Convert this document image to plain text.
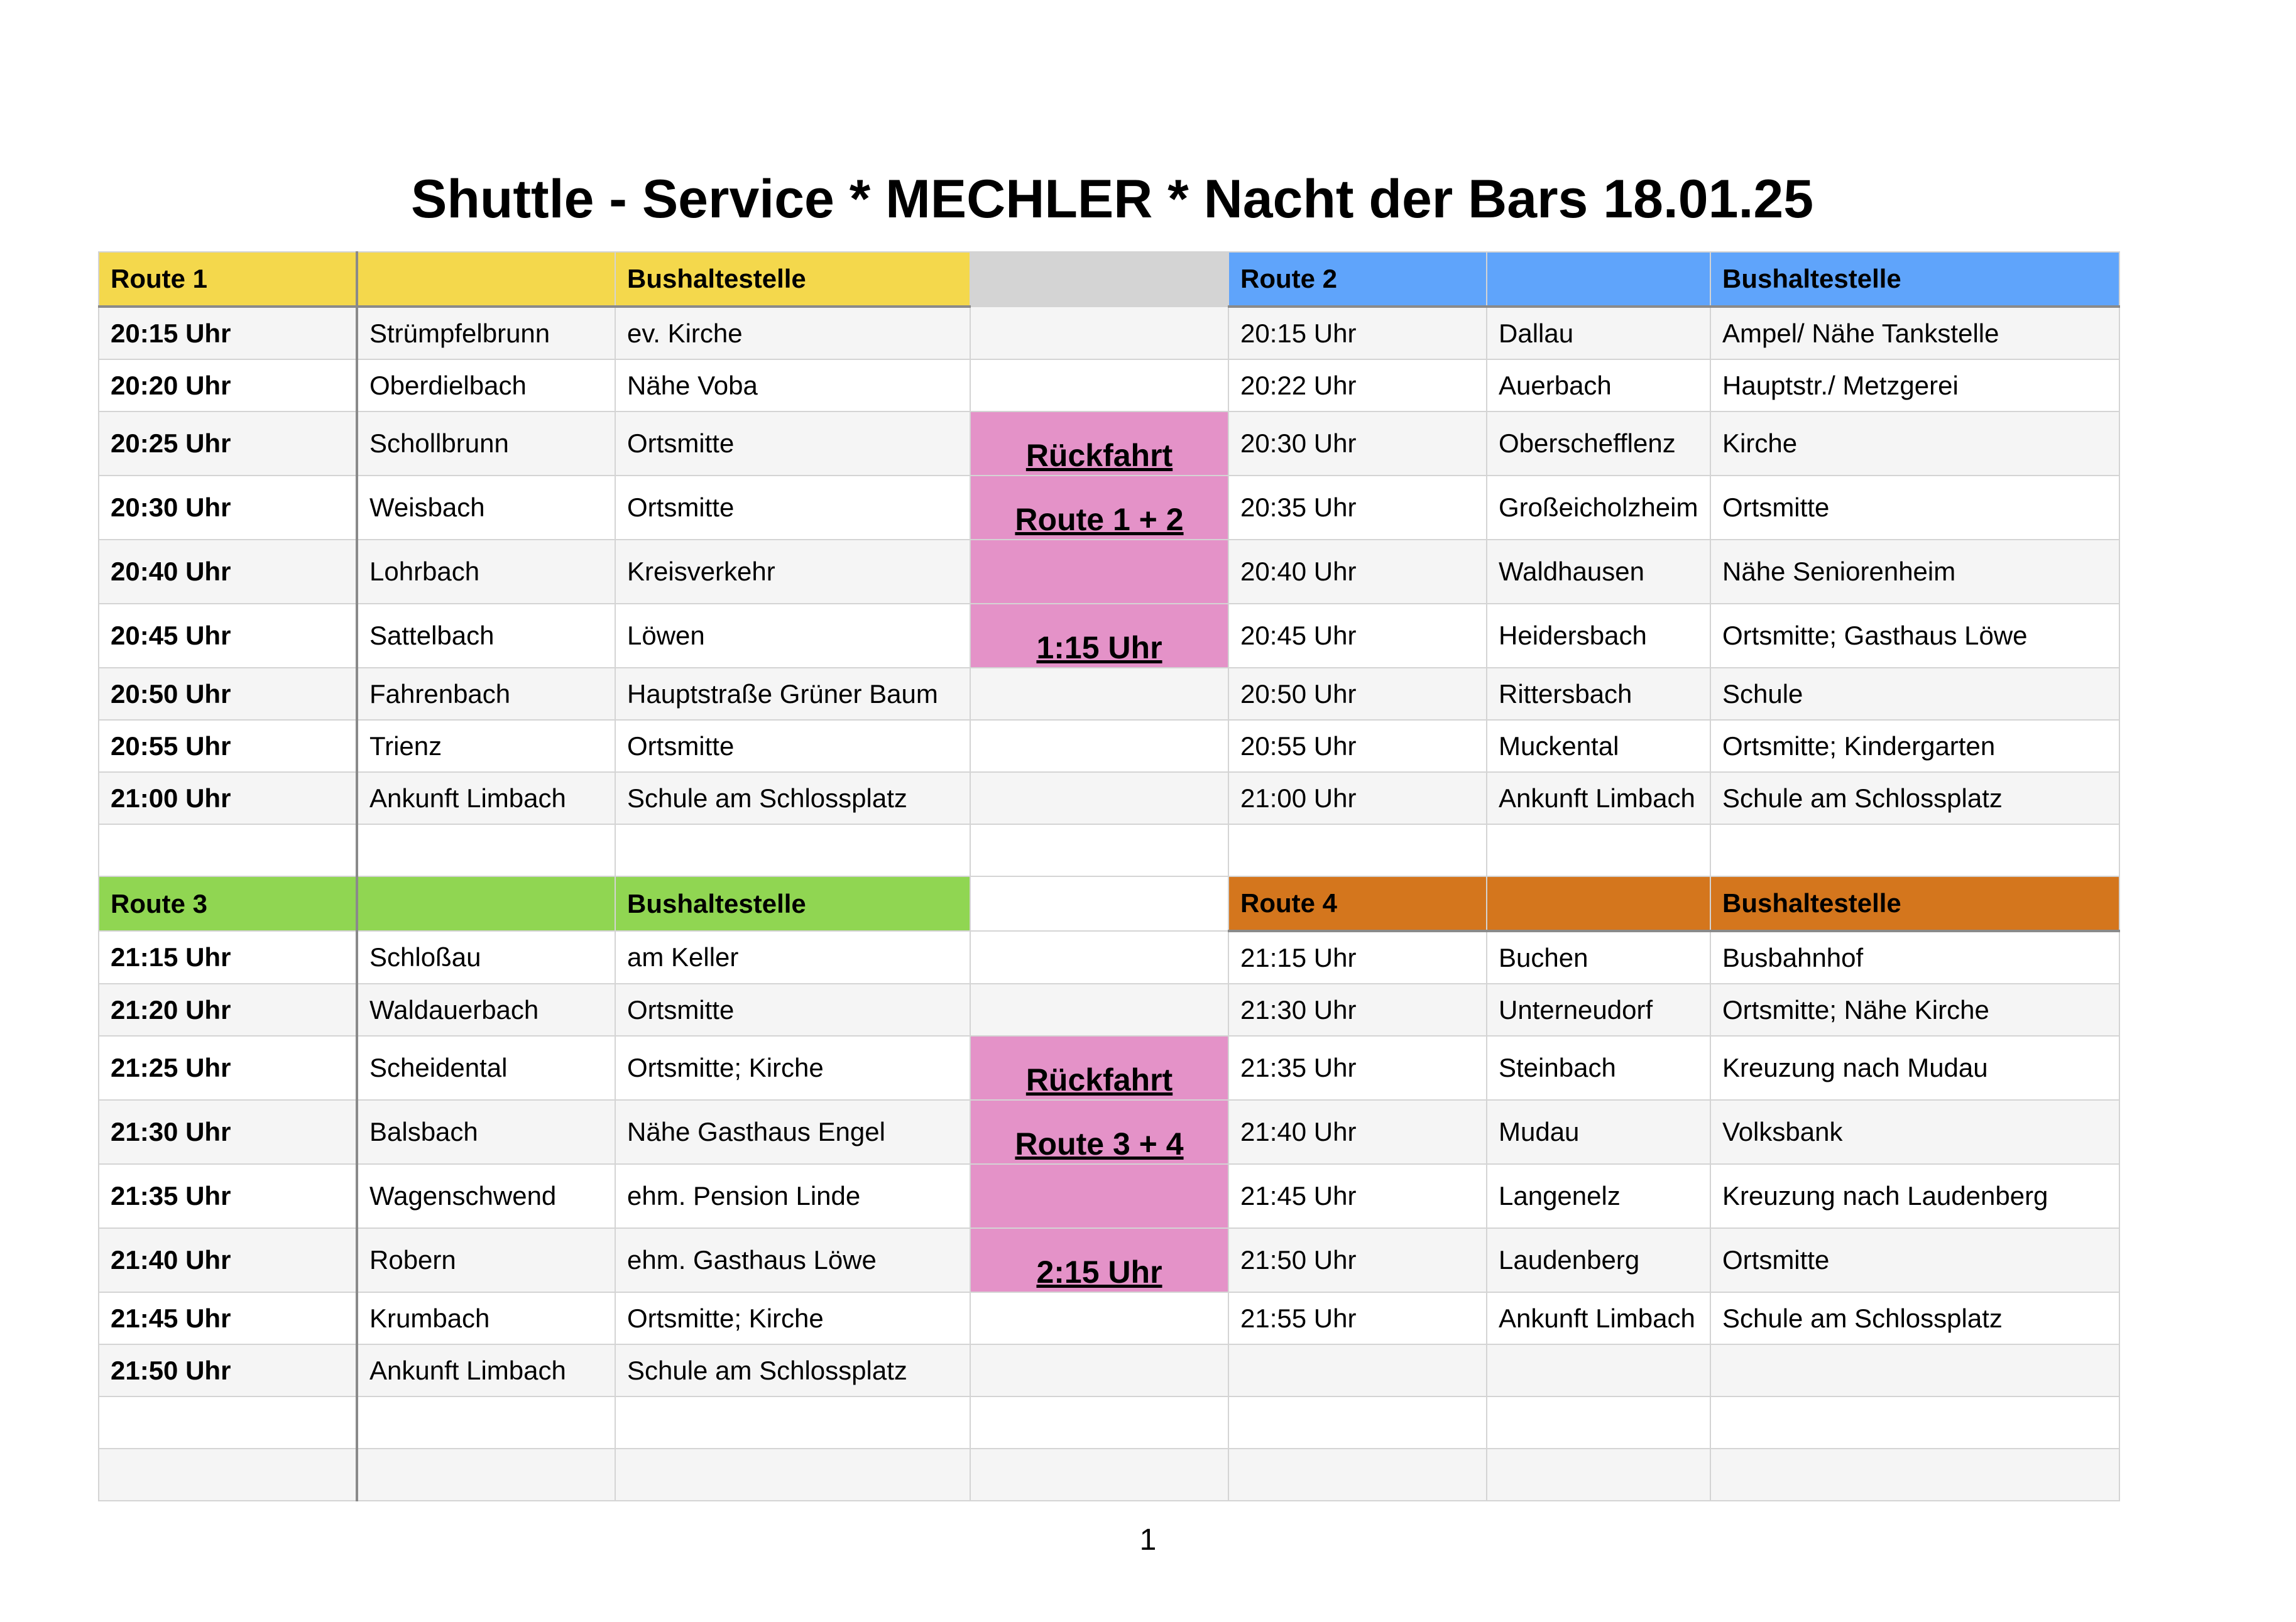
Shuttle - Service * MECHLER * Nacht der Bars 18.01.25
Route 1		Bushaltestelle		Route 2		Bushaltestelle
20:15 Uhr	Strümpfelbrunn	ev. Kirche		20:15 Uhr	Dallau	Ampel/ Nähe Tankstelle
20:20 Uhr	Oberdielbach	Nähe Voba		20:22 Uhr	Auerbach	Hauptstr./ Metzgerei
20:25 Uhr	Schollbrunn	Ortsmitte	Rückfahrt	20:30 Uhr	Oberschefflenz	Kirche
20:30 Uhr	Weisbach	Ortsmitte	Route 1 + 2	20:35 Uhr	Großeicholzheim	Ortsmitte
20:40 Uhr	Lohrbach	Kreisverkehr		20:40 Uhr	Waldhausen	Nähe Seniorenheim
20:45 Uhr	Sattelbach	Löwen	1:15 Uhr	20:45 Uhr	Heidersbach	Ortsmitte; Gasthaus Löwe
20:50 Uhr	Fahrenbach	Hauptstraße Grüner Baum		20:50 Uhr	Rittersbach	Schule
20:55 Uhr	Trienz	Ortsmitte		20:55 Uhr	Muckental	Ortsmitte; Kindergarten
21:00 Uhr	Ankunft Limbach	Schule am Schlossplatz		21:00 Uhr	Ankunft Limbach	Schule am Schlossplatz

Route 3		Bushaltestelle		Route 4		Bushaltestelle
21:15 Uhr	Schloßau	am Keller		21:15 Uhr	Buchen	Busbahnhof
21:20 Uhr	Waldauerbach	Ortsmitte		21:30 Uhr	Unterneudorf	Ortsmitte; Nähe Kirche
21:25 Uhr	Scheidental	Ortsmitte; Kirche	Rückfahrt	21:35 Uhr	Steinbach	Kreuzung nach Mudau
21:30 Uhr	Balsbach	Nähe Gasthaus Engel	Route 3 + 4	21:40 Uhr	Mudau	Volksbank
21:35 Uhr	Wagenschwend	ehm. Pension Linde		21:45 Uhr	Langenelz	Kreuzung nach Laudenberg
21:40 Uhr	Robern	ehm. Gasthaus Löwe	2:15 Uhr	21:50 Uhr	Laudenberg	Ortsmitte
21:45 Uhr	Krumbach	Ortsmitte; Kirche		21:55 Uhr	Ankunft Limbach	Schule am Schlossplatz
21:50 Uhr	Ankunft Limbach	Schule am Schlossplatz				

1
